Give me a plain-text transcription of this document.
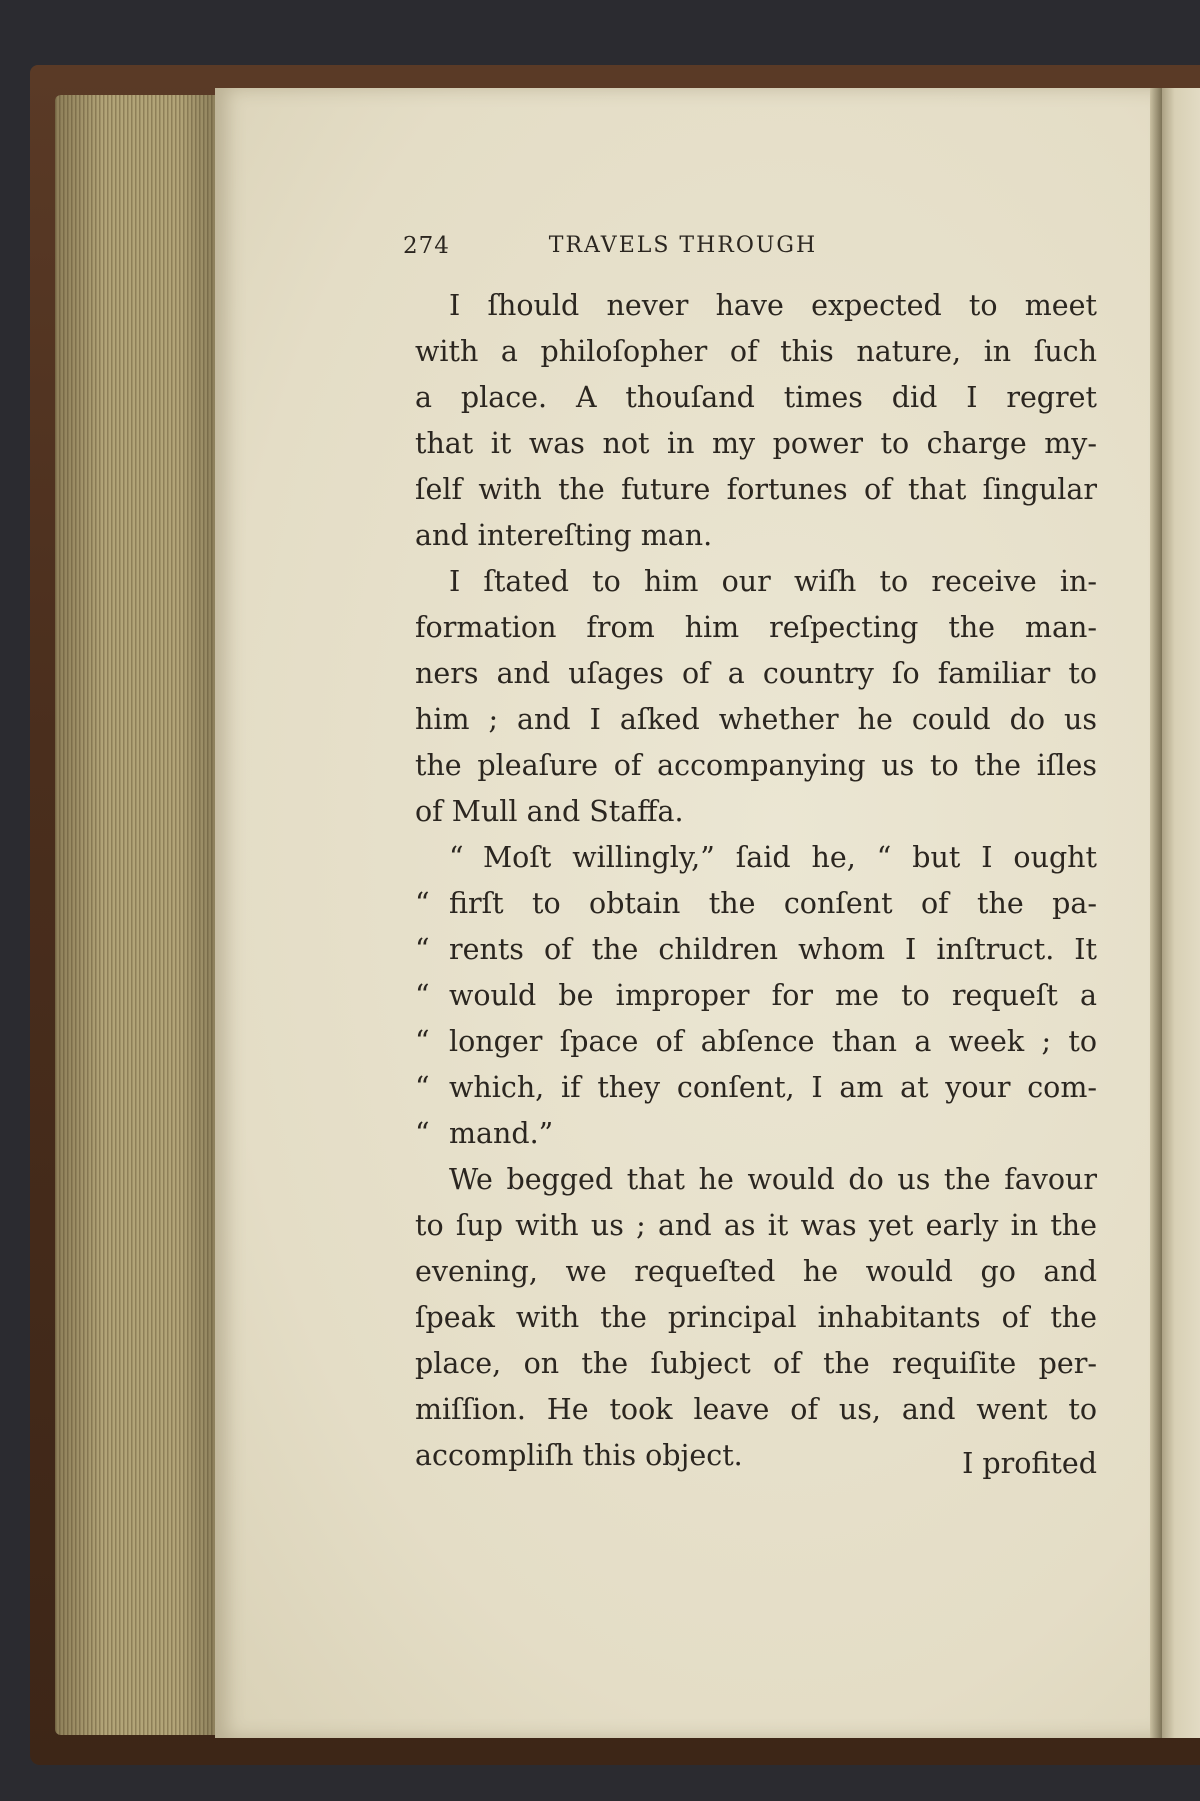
274	TRAVELS THROUGH
I ſhould never have expected to meet
with a philoſopher of this nature, in ſuch
a place. A thouſand times did I regret
that it was not in my power to charge my-
ſelf with the future fortunes of that ſingular
and intereſting man.
I ſtated to him our wiſh to receive in-
formation from him reſpecting the man-
ners and uſages of a country ſo familiar to
him ; and I aſked whether he could do us
the pleaſure of accompanying us to the iſles
of Mull and Staffa.
“ Moſt willingly,” ſaid he, “ but I ought
“ firſt to obtain the conſent of the pa-
“ rents of the children whom I inſtruct. It
“ would be improper for me to requeſt a
“ longer ſpace of abſence than a week ; to
“ which, if they conſent, I am at your com-
“ mand.”
We begged that he would do us the favour
to ſup with us ; and as it was yet early in the
evening, we requeſted he would go and
ſpeak with the principal inhabitants of the
place, on the ſubject of the requiſite per-
miſſion. He took leave of us, and went to
accompliſh this object.	I profited
